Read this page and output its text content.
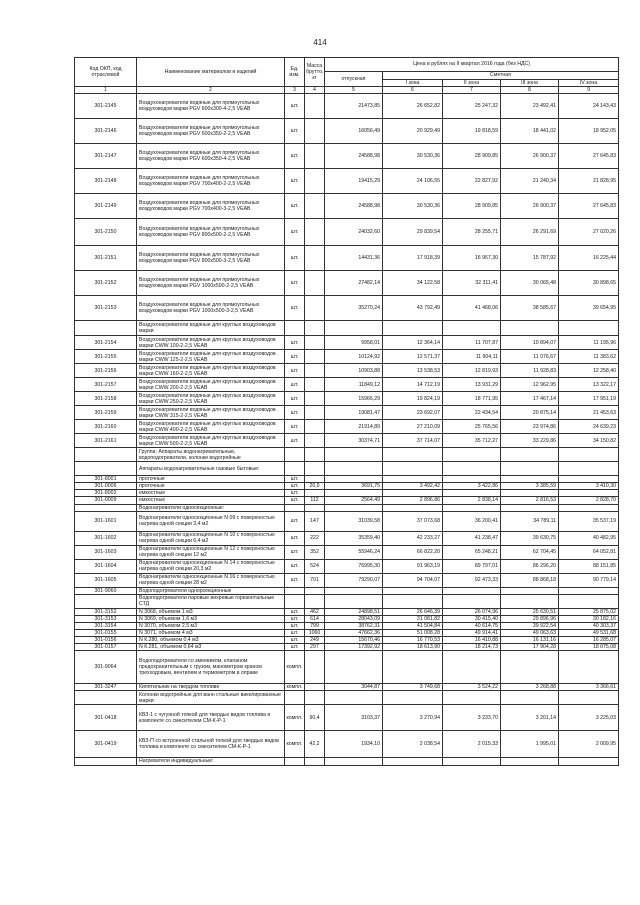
414
Код ОКП, код отраслевой	Наименование материалов и изделий	Ед. изм.	Масса брутто, кг	Цена в рублях на II квартал 2016 года (без НДС)				
				отпускная	Сметная			
					I зона	II зона	III зона	IV зона
1	2	3	4	5	6	7	8	9
301-2145	Воздухонагреватели водяные для прямоугольных воздуховодов марки PGV 600х300-4-2,5 VEAB	шт.		21473,85	26 652,82	25 247,32	23 492,41	24 143,43
301-2146	Воздухонагреватели водяные для прямоугольных воздуховодов марки PGV 600х350-2-2,5 VEAB	шт.		16056,49	20 929,49	19 818,59	18 441,02	18 952,05
301-2147	Воздухонагреватели водяные для прямоугольных воздуховодов марки PGV 600х350-4-2,5 VEAB	шт.		24588,98	30 530,36	28 909,85	26 900,37	27 645,83
301-2148	Воздухонагреватели водяные для прямоугольных воздуховодов марки PGV 700х400-2-2,5 VEAB	шт.		19415,29	24 106,55	22 827,92	21 240,34	21 828,95
301-2149	Воздухонагреватели водяные для прямоугольных воздуховодов марки PGV 700х400-3-2,5 VEAB	шт.		24588,98	30 530,36	28 909,85	26 900,37	27 645,83
301-2150	Воздухонагреватели водяные для прямоугольных воздуховодов марки PGV 800х500-2-2,5 VEAB	шт.		24032,60	29 839,54	28 255,71	26 291,69	27 020,26
301-2151	Воздухонагреватели водяные для прямоугольных воздуховодов марки PGV 800х500-3-2,5 VEAB	шт.		14431,36	17 918,39	16 967,30	15 787,92	16 225,44
301-2152	Воздухонагреватели водяные для прямоугольных воздуховодов марки PGV 1000х500-2-2,5 VEAB	шт.		27482,14	34 122,58	32 311,41	30 065,48	30 898,65
301-2153	Воздухонагреватели водяные для прямоугольных воздуховодов марки PGV 1000х500-3-2,5 VEAB	шт.		35270,24	43 792,49	41 468,06	38 585,67	39 654,95
	Воздухонагреватели водяные для круглых воздуховодов марки							
301-2154	Воздухонагреватели водяные для круглых воздуховодов марки CWW 100-2-2,5 VEAB	шт.		9958,01	12 364,14	11 707,87	10 894,07	11 195,96
301-2155	Воздухонагреватели водяные для круглых воздуховодов марки CWW 125-2-2,5 VEAB	шт.		10124,92	12 571,37	11 904,11	11 076,67	11 383,62
301-2156	Воздухонагреватели водяные для круглых воздуховодов марки CWW 160-2-2,5 VEAB	шт.		10903,88	13 538,53	12 819,93	11 928,83	12 258,40
301-2157	Воздухонагреватели водяные для круглых воздуховодов марки CWW 200-2-2,5 VEAB	шт.		11849,12	14 712,19	13 931,29	12 962,95	13 322,17
301-2158	Воздухонагреватели водяные для круглых воздуховодов марки CWW 250-2-2,5 VEAB	шт.		15966,29	19 824,19	18 771,95	17 467,14	17 951,19
301-2159	Воздухонагреватели водяные для круглых воздуховодов марки CWW 315-2-2,5 VEAB	шт.		19081,47	23 692,07	22 434,54	20 875,14	21 453,63
301-2160	Воздухонагреватели водяные для круглых воздуховодов марки CWW 400-2-2,5 VEAB	шт.		21914,89	27 210,09	25 765,56	23 974,86	24 639,23
301-2161	Воздухонагреватели водяные для круглых воздуховодов марки CWW 500-2-2,5 VEAB	шт.		30374,71	37 714,07	35 712,27	33 229,86	34 150,82
	Группа: Аппараты водонагревательные, водоподогреватели, колонки водогрейные							
	Аппараты водонагревательные газовые бытовые:							
301-8001	проточные	шт.						
301-0006	проточные	шт.	20,9	3691,75	3 492,42	3 422,86	3 385,59	3 410,30
301-8002	емкостные	шт.						
301-0009	емкостные	шт.	112	2564,49	2 896,86	2 838,14	2 816,53	2 828,70
	Водонагреватели односекционные:							
301-1601	Водонагреватели односекционные N 09 с поверхностью нагрева одной секции 3,4 м2	шт.	147	31039,58	37 073,68	36 200,41	34 789,11	35 537,19
301-1602	Водонагреватели односекционные N 10 с поверхностью нагрева одной секции 6,4 м2	шт.	222	35359,40	42 233,27	41 238,47	39 630,75	40 482,95
301-1603	Водонагреватели односекционные N 12 с поверхностью нагрева одной секции 12 м2	шт.	352	55946,24	66 822,20	65 248,21	62 704,45	64 052,81
301-1604	Водонагреватели односекционные N 14 с поверхностью нагрева одной секции 20,3 м2	шт.	524	76995,30	91 963,19	89 797,01	86 296,20	88 151,85
301-1605	Водонагреватели односекционные N 16 с поверхностью нагрева одной секции 28 м2	шт.	701	79290,07	94 704,07	92 473,33	88 868,18	90 779,14
301-9060	Водоподогреватели однорсекционные							
	Водоподогреватели паровые вихревые горизонтальные СТД							
301-3152	N 3068, объемом 1 м3	шт.	462	24898,51	26 646,39	26 074,96	25 630,51	25 875,02
301-3153	N 3069, объемом 1,6 м3	шт.	614	28043,09	31 081,82	30 415,40	29 896,96	30 182,16
301-3154	N 3070, объемом 2,5 м3	шт.	799	38762,31	41 504,84	40 614,75	39 922,54	40 303,37
301-0155	N 3071, объемом 4 м3	шт.	1060	47662,36	51 008,28	49 914,41	49 063,63	49 531,68
301-0156	N К.280, объемом 0,4 м3	шт.	249	15670,46	16 770,53	16 410,88	16 131,16	16 285,07
301-0157	N К.281, объемом 0,64 м3	шт.	297	17392,92	18 613,90	18 214,73	17 904,28	18 075,08
301-9064	Водоподогреватели со змеевиком, клапаном предохранительным с грузом, манометром краном трехходовым, вентилем и термометром в оправе	компл.						
301-3247	Кипятильник на твердом топливе	компл.		3044,87	3 749,68	3 524,22	3 268,88	3 366,61
	Колонки водогрейные для ванн стальные викелированные марки:							
301-0418	КВЗ-1 с чугунной топкой для твердых видов топлива в комплекте со смесителем СМ-К-Р-1	компл.	90,4	3103,37	3 270,94	3 233,70	3 201,14	3 225,03
301-0419	КВЗ-П со встроенной стальной топкой для твердых видов топлива в комплекте со смесителем СМ-К-Р-1	компл.	42,2	1934,10	2 038,54	2 015,33	1 995,01	2 009,95
	Нагреватели индивидуальные:							
